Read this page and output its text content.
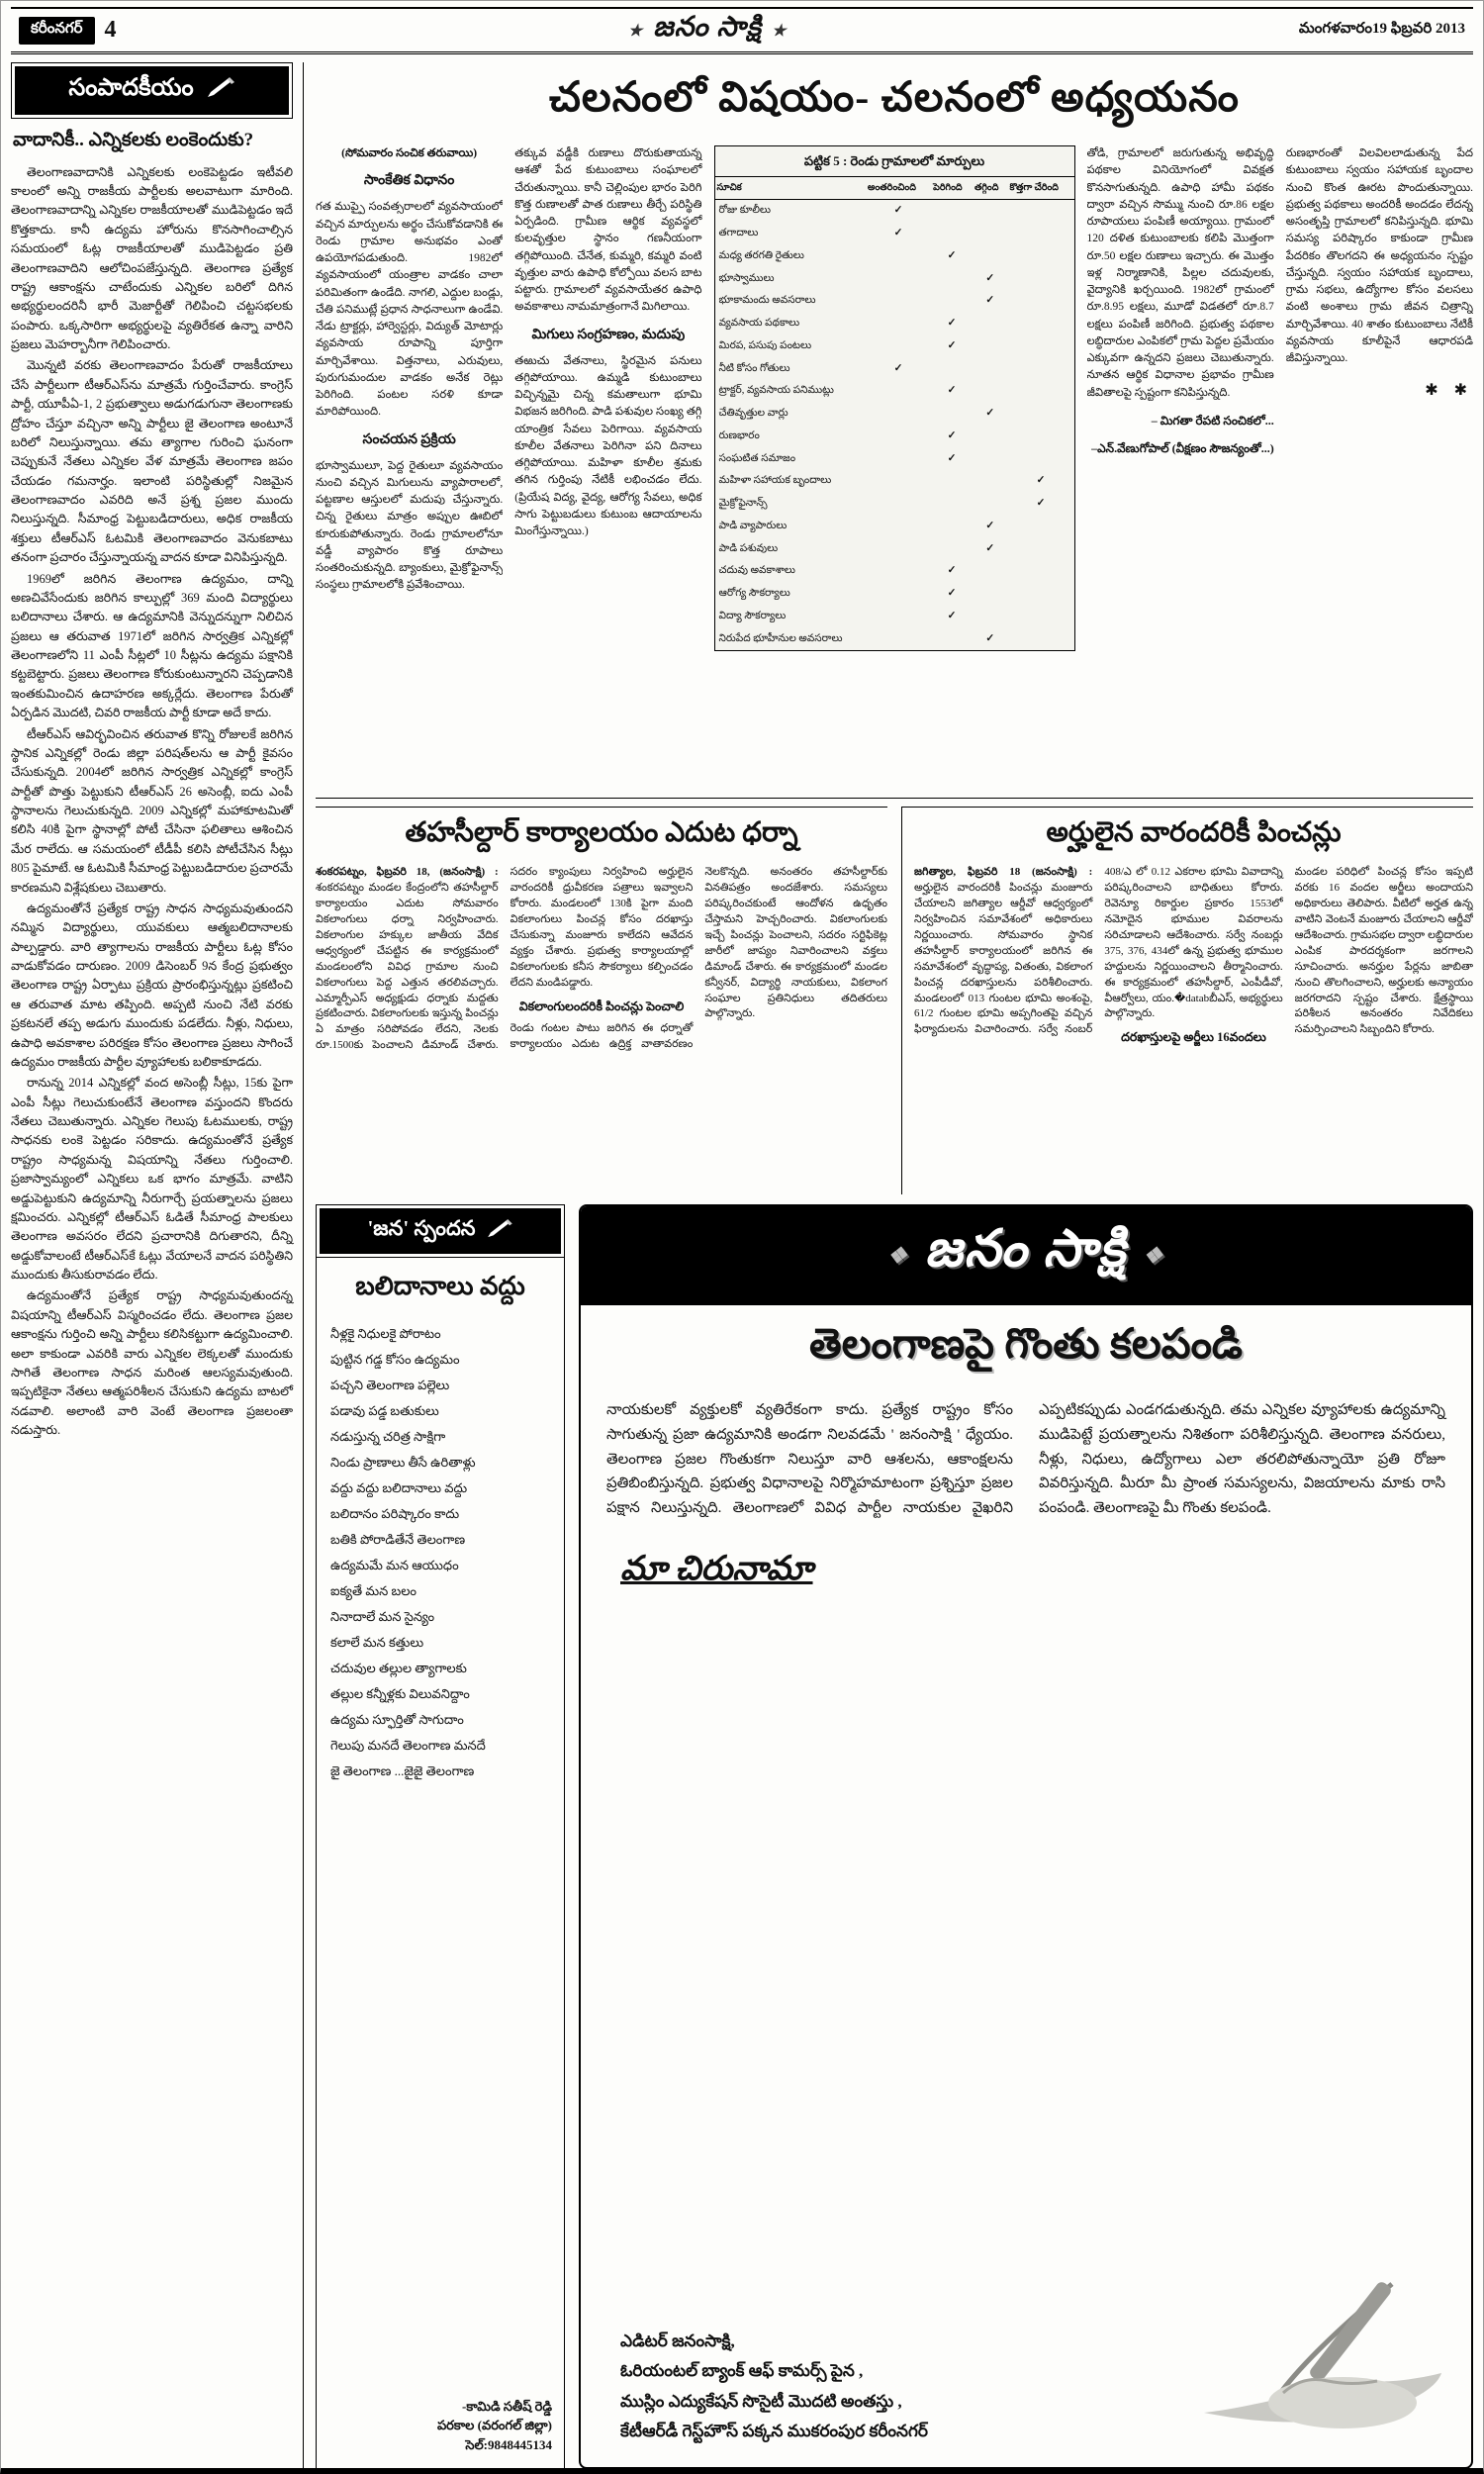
కరీంనగర్ 4	★ జనం సాక్షి ★	మంగళవారం19 ఫిబ్రవరి 2013
సంపాదకీయం
వాదానికీ.. ఎన్నికలకు లంకెందుకు?

తెలంగాణవాదానికి ఎన్నికలకు లంకెపెట్టడం ఇటీవలి కాలంలో అన్ని రాజకీయ పార్టీలకు అలవాటుగా మారింది. తెలంగాణవాదాన్ని ఎన్నికల రాజకీయాలతో ముడిపెట్టడం ఇదే కొత్తకాదు. కానీ ఉద్యమ హోరును కొనసాగించాల్సిన సమయంలో ఓట్ల రాజకీయాలతో ముడిపెట్టడం ప్రతి తెలంగాణవాదిని ఆలోచింపజేస్తున్నది. తెలంగాణ ప్రత్యేక రాష్ట్ర ఆకాంక్షను చాటేందుకు ఎన్నికల బరిలో దిగిన అభ్యర్థులందరినీ భారీ మెజార్టీతో గెలిపించి చట్టసభలకు పంపారు. ఒక్కసారిగా అభ్యర్థులపై వ్యతిరేకత ఉన్నా వారిని ప్రజలు మెహర్బానీగా గెలిపించారు.

మొన్నటి వరకు తెలంగాణవాదం పేరుతో రాజకీయాలు చేసే పార్టీలుగా టీఆర్ఎస్‌ను మాత్రమే గుర్తించేవారు. కాంగ్రెస్ పార్టీ, యూపీఏ-1, 2 ప్రభుత్వాలు అడుగడుగునా తెలంగాణకు ద్రోహం చేస్తూ వచ్చినా అన్ని పార్టీలు జై తెలంగాణ అంటూనే బరిలో నిలుస్తున్నాయి. తమ త్యాగాల గురించి ఘనంగా చెప్పుకునే నేతలు ఎన్నికల వేళ మాత్రమే తెలంగాణ జపం చేయడం గమనార్హం. ఇలాంటి పరిస్థితుల్లో నిజమైన తెలంగాణవాదం ఎవరిది అనే ప్రశ్న ప్రజల ముందు నిలుస్తున్నది. సీమాంధ్ర పెట్టుబడిదారులు, అధిక రాజకీయ శక్తులు టీఆర్ఎస్ ఓటమికి తెలంగాణవాదం వెనుకబాటు తనంగా ప్రచారం చేస్తున్నాయన్న వాదన కూడా వినిపిస్తున్నది.

1969లో జరిగిన తెలంగాణ ఉద్యమం, దాన్ని అణచివేసేందుకు జరిగిన కాల్పుల్లో 369 మంది విద్యార్థులు బలిదానాలు చేశారు. ఆ ఉద్యమానికి వెన్నుదన్నుగా నిలిచిన ప్రజలు ఆ తరువాత 1971లో జరిగిన సార్వత్రిక ఎన్నికల్లో తెలంగాణలోని 11 ఎంపీ సీట్లలో 10 సీట్లను ఉద్యమ పక్షానికి కట్టబెట్టారు. ప్రజలు తెలంగాణ కోరుకుంటున్నారని చెప్పడానికి ఇంతకుమించిన ఉదాహరణ అక్కర్లేదు. తెలంగాణ పేరుతో ఏర్పడిన మొదటి, చివరి రాజకీయ పార్టీ కూడా అదే కాదు.

టీఆర్ఎస్ ఆవిర్భవించిన తరువాత కొన్ని రోజులకే జరిగిన స్థానిక ఎన్నికల్లో రెండు జిల్లా పరిషత్‌లను ఆ పార్టీ కైవసం చేసుకున్నది. 2004లో జరిగిన సార్వత్రిక ఎన్నికల్లో కాంగ్రెస్ పార్టీతో పొత్తు పెట్టుకుని టీఆర్ఎస్ 26 అసెంబ్లీ, ఐదు ఎంపీ స్థానాలను గెలుచుకున్నది. 2009 ఎన్నికల్లో మహాకూటమితో కలిసి 40కి పైగా స్థానాల్లో పోటీ చేసినా ఫలితాలు ఆశించిన మేర రాలేదు. ఆ సమయంలో టీడీపీ కలిసి పోటీచేసిన సీట్లు 805 పైమాటే. ఆ ఓటమికి సీమాంధ్ర పెట్టుబడిదారుల ప్రచారమే కారణమని విశ్లేషకులు చెబుతారు.

ఉద్యమంతోనే ప్రత్యేక రాష్ట్ర సాధన సాధ్యమవుతుందని నమ్మిన విద్యార్థులు, యువకులు ఆత్మబలిదానాలకు పాల్పడ్డారు. వారి త్యాగాలను రాజకీయ పార్టీలు ఓట్ల కోసం వాడుకోవడం దారుణం. 2009 డిసెంబర్ 9న కేంద్ర ప్రభుత్వం తెలంగాణ రాష్ట్ర ఏర్పాటు ప్రక్రియ ప్రారంభిస్తున్నట్లు ప్రకటించి ఆ తరువాత మాట తప్పింది. అప్పటి నుంచి నేటి వరకు ప్రకటనలే తప్ప అడుగు ముందుకు పడలేదు. నీళ్లు, నిధులు, ఉపాధి అవకాశాల పరిరక్షణ కోసం తెలంగాణ ప్రజలు సాగించే ఉద్యమం రాజకీయ పార్టీల వ్యూహాలకు బలికాకూడదు.

రానున్న 2014 ఎన్నికల్లో వంద అసెంబ్లీ సీట్లు, 15కు పైగా ఎంపీ సీట్లు గెలుచుకుంటేనే తెలంగాణ వస్తుందని కొందరు నేతలు చెబుతున్నారు. ఎన్నికల గెలుపు ఓటములకు, రాష్ట్ర సాధనకు లంకె పెట్టడం సరికాదు. ఉద్యమంతోనే ప్రత్యేక రాష్ట్రం సాధ్యమన్న విషయాన్ని నేతలు గుర్తించాలి. ప్రజాస్వామ్యంలో ఎన్నికలు ఒక భాగం మాత్రమే. వాటిని అడ్డుపెట్టుకుని ఉద్యమాన్ని నీరుగార్చే ప్రయత్నాలను ప్రజలు క్షమించరు. ఎన్నికల్లో టీఆర్ఎస్ ఓడితే సీమాంధ్ర పాలకులు తెలంగాణ అవసరం లేదని ప్రచారానికి దిగుతారని, దీన్ని అడ్డుకోవాలంటే టీఆర్ఎస్‌కే ఓట్లు వేయాలనే వాదన పరిస్థితిని ముందుకు తీసుకురావడం లేదు.

ఉద్యమంతోనే ప్రత్యేక రాష్ట్ర సాధ్యమవుతుందన్న విషయాన్ని టీఆర్ఎస్ విస్మరించడం లేదు. తెలంగాణ ప్రజల ఆకాంక్షను గుర్తించి అన్ని పార్టీలు కలిసికట్టుగా ఉద్యమించాలి. అలా కాకుండా ఎవరికి వారు ఎన్నికల లెక్కలతో ముందుకు సాగితే తెలంగాణ సాధన మరింత ఆలస్యమవుతుంది. ఇప్పటికైనా నేతలు ఆత్మపరిశీలన చేసుకుని ఉద్యమ బాటలో నడవాలి. అలాంటి వారి వెంటే తెలంగాణ ప్రజలంతా నడుస్తారు.

చలనంలో విషయం- చలనంలో అధ్యయనం
(సోమవారం సంచిక తరువాయి)
సాంకేతిక విధానం

గత ముప్పై సంవత్సరాలలో వ్యవసాయంలో వచ్చిన మార్పులను అర్థం చేసుకోవడానికి ఈ రెండు గ్రామాల అనుభవం ఎంతో ఉపయోగపడుతుంది. 1982లో వ్యవసాయంలో యంత్రాల వాడకం చాలా పరిమితంగా ఉండేది. నాగలి, ఎద్దుల బండ్లు, చేతి పనిముట్లే ప్రధాన సాధనాలుగా ఉండేవి. నేడు ట్రాక్టర్లు, హార్వెస్టర్లు, విద్యుత్ మోటార్లు వ్యవసాయ రూపాన్ని పూర్తిగా మార్చివేశాయి. విత్తనాలు, ఎరువులు, పురుగుమందుల వాడకం అనేక రెట్లు పెరిగింది. పంటల సరళి కూడా మారిపోయింది.

సంచయన ప్రక్రియ

భూస్వాములూ, పెద్ద రైతులూ వ్యవసాయం నుంచి వచ్చిన మిగులును వ్యాపారాలలో, పట్టణాల ఆస్తులలో మదుపు చేస్తున్నారు. చిన్న రైతులు మాత్రం అప్పుల ఊబిలో కూరుకుపోతున్నారు. రెండు గ్రామాలలోనూ వడ్డీ వ్యాపారం కొత్త రూపాలు సంతరించుకున్నది. బ్యాంకులు, మైక్రోఫైనాన్స్ సంస్థలు గ్రామాలలోకి ప్రవేశించాయి.

తక్కువ వడ్డీకి రుణాలు దొరుకుతాయన్న ఆశతో పేద కుటుంబాలు సంఘాలలో చేరుతున్నాయి. కానీ చెల్లింపుల భారం పెరిగి కొత్త రుణాలతో పాత రుణాలు తీర్చే పరిస్థితి ఏర్పడింది. గ్రామీణ ఆర్థిక వ్యవస్థలో కులవృత్తుల స్థానం గణనీయంగా తగ్గిపోయింది. చేనేత, కుమ్మరి, కమ్మరి వంటి వృత్తుల వారు ఉపాధి కోల్పోయి వలస బాట పట్టారు. గ్రామాలలో వ్యవసాయేతర ఉపాధి అవకాశాలు నామమాత్రంగానే మిగిలాయి.

మిగులు సంగ్రహణం, మదుపు

తఱుచు వేతనాలు, స్థిరమైన పనులు తగ్గిపోయాయి. ఉమ్మడి కుటుంబాలు విచ్ఛిన్నమై చిన్న కమతాలుగా భూమి విభజన జరిగింది. పాడి పశువుల సంఖ్య తగ్గి యాంత్రిక సేవలు పెరిగాయి. వ్యవసాయ కూలీల వేతనాలు పెరిగినా పని దినాలు తగ్గిపోయాయి. మహిళా కూలీల శ్రమకు తగిన గుర్తింపు నేటికీ లభించడం లేదు. (ప్రియేష విద్య, వైద్య, ఆరోగ్య సేవలు, అధిక సాగు పెట్టుబడులు కుటుంబ ఆదాయాలను మింగేస్తున్నాయి.)

పట్టిక 5 : రెండు గ్రామాలలో మార్పులు
సూచిక	అంతరించింది	పెరిగింది	తగ్గింది	కొత్తగా చేరింది
రోజు కూలీలు	✓			
తగాదాలు	✓			
మధ్య తరగతి రైతులు		✓		
భూస్వాములు			✓	
భూకామందు అవసరాలు			✓	
వ్యవసాయ పథకాలు		✓		
మిరప, పసుపు పంటలు		✓		
నీటి కోసం గోతులు	✓			
ట్రాక్టర్, వ్యవసాయ పనిముట్లు		✓		
చేతివృత్తుల వార్లు			✓	
రుణభారం		✓		
సంఘటిత సమాజం		✓		
మహిళా సహాయక బృందాలు				✓
మైక్రోఫైనాన్స్				✓
పాడి వ్యాపారులు			✓	
పాడి పశువులు			✓	
చదువు అవకాశాలు		✓		
ఆరోగ్య సౌకర్యాలు		✓		
విద్యా సౌకర్యాలు		✓		
నిరుపేద భూహీనుల అవసరాలు			✓	

తోడి, గ్రామాలలో జరుగుతున్న అభివృద్ధి పథకాల వినియోగంలో వివక్షత కొనసాగుతున్నది. ఉపాధి హామీ పథకం ద్వారా వచ్చిన సొమ్ము నుంచి రూ.86 లక్షల రూపాయలు పంపిణీ అయ్యాయి. గ్రామంలో 120 దళిత కుటుంబాలకు కలిపి మొత్తంగా రూ.50 లక్షల రుణాలు ఇచ్చారు. ఈ మొత్తం ఇళ్ల నిర్మాణానికి, పిల్లల చదువులకు, వైద్యానికి ఖర్చయింది. 1982లో గ్రామంలో రూ.8.95 లక్షలు, మూడో విడతలో రూ.8.7 లక్షలు పంపిణీ జరిగింది. ప్రభుత్వ పథకాల లబ్ధిదారుల ఎంపికలో గ్రామ పెద్దల ప్రమేయం ఎక్కువగా ఉన్నదని ప్రజలు చెబుతున్నారు. నూతన ఆర్థిక విధానాల ప్రభావం గ్రామీణ జీవితాలపై స్పష్టంగా కనిపిస్తున్నది.

– మిగతా రేపటి సంచికలో...
–ఎన్.వేణుగోపాల్ (వీక్షణం సౌజన్యంతో...)

రుణభారంతో విలవిలలాడుతున్న పేద కుటుంబాలు స్వయం సహాయక బృందాల నుంచి కొంత ఊరట పొందుతున్నాయి. ప్రభుత్వ పథకాలు అందరికీ అందడం లేదన్న అసంతృప్తి గ్రామాలలో కనిపిస్తున్నది. భూమి సమస్య పరిష్కారం కాకుండా గ్రామీణ పేదరికం తొలగదని ఈ అధ్యయనం స్పష్టం చేస్తున్నది. స్వయం సహాయక బృందాలు, గ్రామ సభలు, ఉద్యోగాల కోసం వలసలు వంటి అంశాలు గ్రామ జీవన చిత్రాన్ని మార్చివేశాయి. 40 శాతం కుటుంబాలు నేటికీ వ్యవసాయ కూలీపైనే ఆధారపడి జీవిస్తున్నాయి.

✱ ✱
తహసీల్దార్ కార్యాలయం ఎదుట ధర్నా

శంకరపట్నం, ఫిబ్రవరి 18, (జనంసాక్షి) : శంకరపట్నం మండల కేంద్రంలోని తహసీల్దార్ కార్యాలయం ఎదుట సోమవారం వికలాంగులు ధర్నా నిర్వహించారు. వికలాంగుల హక్కుల జాతీయ వేదిక ఆధ్వర్యంలో చేపట్టిన ఈ కార్యక్రమంలో మండలంలోని వివిధ గ్రామాల నుంచి వికలాంగులు పెద్ద ఎత్తున తరలివచ్చారు. ఎమ్మార్పీఎస్ అధ్యక్షుడు ధర్నాకు మద్దతు ప్రకటించారు. వికలాంగులకు ఇస్తున్న పించన్లు ఏ మాత్రం సరిపోవడం లేదని, నెలకు రూ.1500కు పెంచాలని డిమాండ్ చేశారు. సదరం క్యాంపులు నిర్వహించి అర్హులైన వారందరికీ ధ్రువీకరణ పత్రాలు ఇవ్వాలని కోరారు. మండలంలో 130కి పైగా మంది వికలాంగులు పించన్ల కోసం దరఖాస్తు చేసుకున్నా మంజూరు కాలేదని ఆవేదన వ్యక్తం చేశారు. ప్రభుత్వ కార్యాలయాల్లో వికలాంగులకు కనీస సౌకర్యాలు కల్పించడం లేదని మండిపడ్డారు.

వికలాంగులందరికీ పించన్లు పెంచాలి

రెండు గంటల పాటు జరిగిన ఈ ధర్నాతో కార్యాలయం ఎదుట ఉద్రిక్త వాతావరణం నెలకొన్నది. అనంతరం తహసీల్దార్‌కు వినతిపత్రం అందజేశారు. సమస్యలు పరిష్కరించకుంటే ఆందోళన ఉధృతం చేస్తామని హెచ్చరించారు. వికలాంగులకు ఇచ్చే పించన్లు పెంచాలని, సదరం సర్టిఫికెట్ల జారీలో జాప్యం నివారించాలని వక్తలు డిమాండ్ చేశారు. ఈ కార్యక్రమంలో మండల కన్వీనర్, విద్యార్థి నాయకులు, వికలాంగ సంఘాల ప్రతినిధులు తదితరులు పాల్గొన్నారు.

అర్హులైన వారందరికీ పించన్లు

జగిత్యాల, ఫిబ్రవరి 18 (జనంసాక్షి) : అర్హులైన వారందరికీ పించన్లు మంజూరు చేయాలని జగిత్యాల ఆర్డీవో ఆధ్వర్యంలో నిర్వహించిన సమావేశంలో అధికారులు నిర్ణయించారు. సోమవారం స్థానిక తహసీల్దార్ కార్యాలయంలో జరిగిన ఈ సమావేశంలో వృద్ధాప్య, వితంతు, వికలాంగ పించన్ల దరఖాస్తులను పరిశీలించారు. మండలంలో 013 గుంటల భూమి అంశంపై, 61/2 గుంటల భూమి అప్పగింతపై వచ్చిన ఫిర్యాదులను విచారించారు. సర్వే నంబర్ 408/ఎ లో 0.12 ఎకరాల భూమి వివాదాన్ని పరిష్కరించాలని బాధితులు కోరారు. రెవెన్యూ రికార్డుల ప్రకారం 1553లో నమోదైన భూముల వివరాలను సరిచూడాలని ఆదేశించారు. సర్వే నంబర్లు 375, 376, 434లో ఉన్న ప్రభుత్వ భూముల హద్దులను నిర్ణయించాలని తీర్మానించారు. ఈ కార్యక్రమంలో తహసీల్దార్, ఎంపీడీవో, వీఆర్వోలు, యం.�databబీఎస్, అభ్యర్థులు పాల్గొన్నారు.

దరఖాస్తులపై అర్జీలు 16వందలు

మండల పరిధిలో పించన్ల కోసం ఇప్పటి వరకు 16 వందల అర్జీలు అందాయని అధికారులు తెలిపారు. వీటిలో అర్హత ఉన్న వాటిని వెంటనే మంజూరు చేయాలని ఆర్డీవో ఆదేశించారు. గ్రామసభల ద్వారా లబ్ధిదారుల ఎంపిక పారదర్శకంగా జరగాలని సూచించారు. అనర్హుల పేర్లను జాబితా నుంచి తొలగించాలని, అర్హులకు అన్యాయం జరగరాదని స్పష్టం చేశారు. క్షేత్రస్థాయి పరిశీలన అనంతరం నివేదికలు సమర్పించాలని సిబ్బందిని కోరారు.

'జన' స్పందన
బలిదానాలు వద్దు
నీళ్లకై నిధులకై పోరాటం
పుట్టిన గడ్డ కోసం ఉద్యమం
పచ్చని తెలంగాణ పల్లెలు
పడావు పడ్డ బతుకులు
నడుస్తున్న చరిత్ర సాక్షిగా
నిండు ప్రాణాలు తీసే ఉరితాళ్లు
వద్దు వద్దు బలిదానాలు వద్దు
బలిదానం పరిష్కారం కాదు
బతికి పోరాడితేనే తెలంగాణ
ఉద్యమమే మన ఆయుధం
ఐక్యతే మన బలం
నినాదాలే మన సైన్యం
కలాలే మన కత్తులు
చదువుల తల్లుల త్యాగాలకు
తల్లుల కన్నీళ్లకు విలువనిద్దాం
ఉద్యమ స్ఫూర్తితో సాగుదాం
గెలుపు మనదే తెలంగాణ మనదే
జై తెలంగాణ ...జైజై తెలంగాణ
-కామిడి సతీష్ రెడ్డి
పరకాల (వరంగల్ జిల్లా)
సెల్:9848445134
❖ జనం సాక్షి ❖
తెలంగాణపై గొంతు కలపండి
నాయకులకో వ్యక్తులకో వ్యతిరేకంగా కాదు. ప్రత్యేక రాష్ట్రం కోసం సాగుతున్న ప్రజా ఉద్యమానికి అండగా నిలవడమే ' జనంసాక్షి ' ధ్యేయం. తెలంగాణ ప్రజల గొంతుకగా నిలుస్తూ వారి ఆశలను, ఆకాంక్షలను ప్రతిబింబిస్తున్నది. ప్రభుత్వ విధానాలపై నిర్మొహమాటంగా ప్రశ్నిస్తూ ప్రజల పక్షాన నిలుస్తున్నది. తెలంగాణలో వివిధ పార్టీల నాయకుల వైఖరిని ఎప్పటికప్పుడు ఎండగడుతున్నది. తమ ఎన్నికల వ్యూహాలకు ఉద్యమాన్ని ముడిపెట్టే ప్రయత్నాలను నిశితంగా పరిశీలిస్తున్నది. తెలంగాణ వనరులు, నీళ్లు, నిధులు, ఉద్యోగాలు ఎలా తరలిపోతున్నాయో ప్రతి రోజూ వివరిస్తున్నది. మీరూ మీ ప్రాంత సమస్యలను, విజయాలను మాకు రాసి పంపండి. తెలంగాణపై మీ గొంతు కలపండి.
మా చిరునామా
ఎడిటర్ జనంసాక్షి,
ఓరియంటల్ బ్యాంక్ ఆఫ్ కామర్స్ పైన ,
ముస్లిం ఎద్యుకేషన్ సొసైటీ మొదటి అంతస్తు ,
కేటీఆర్‌డీ గెస్ట్‌హౌస్ పక్కన ముకరంపుర కరీంనగర్
